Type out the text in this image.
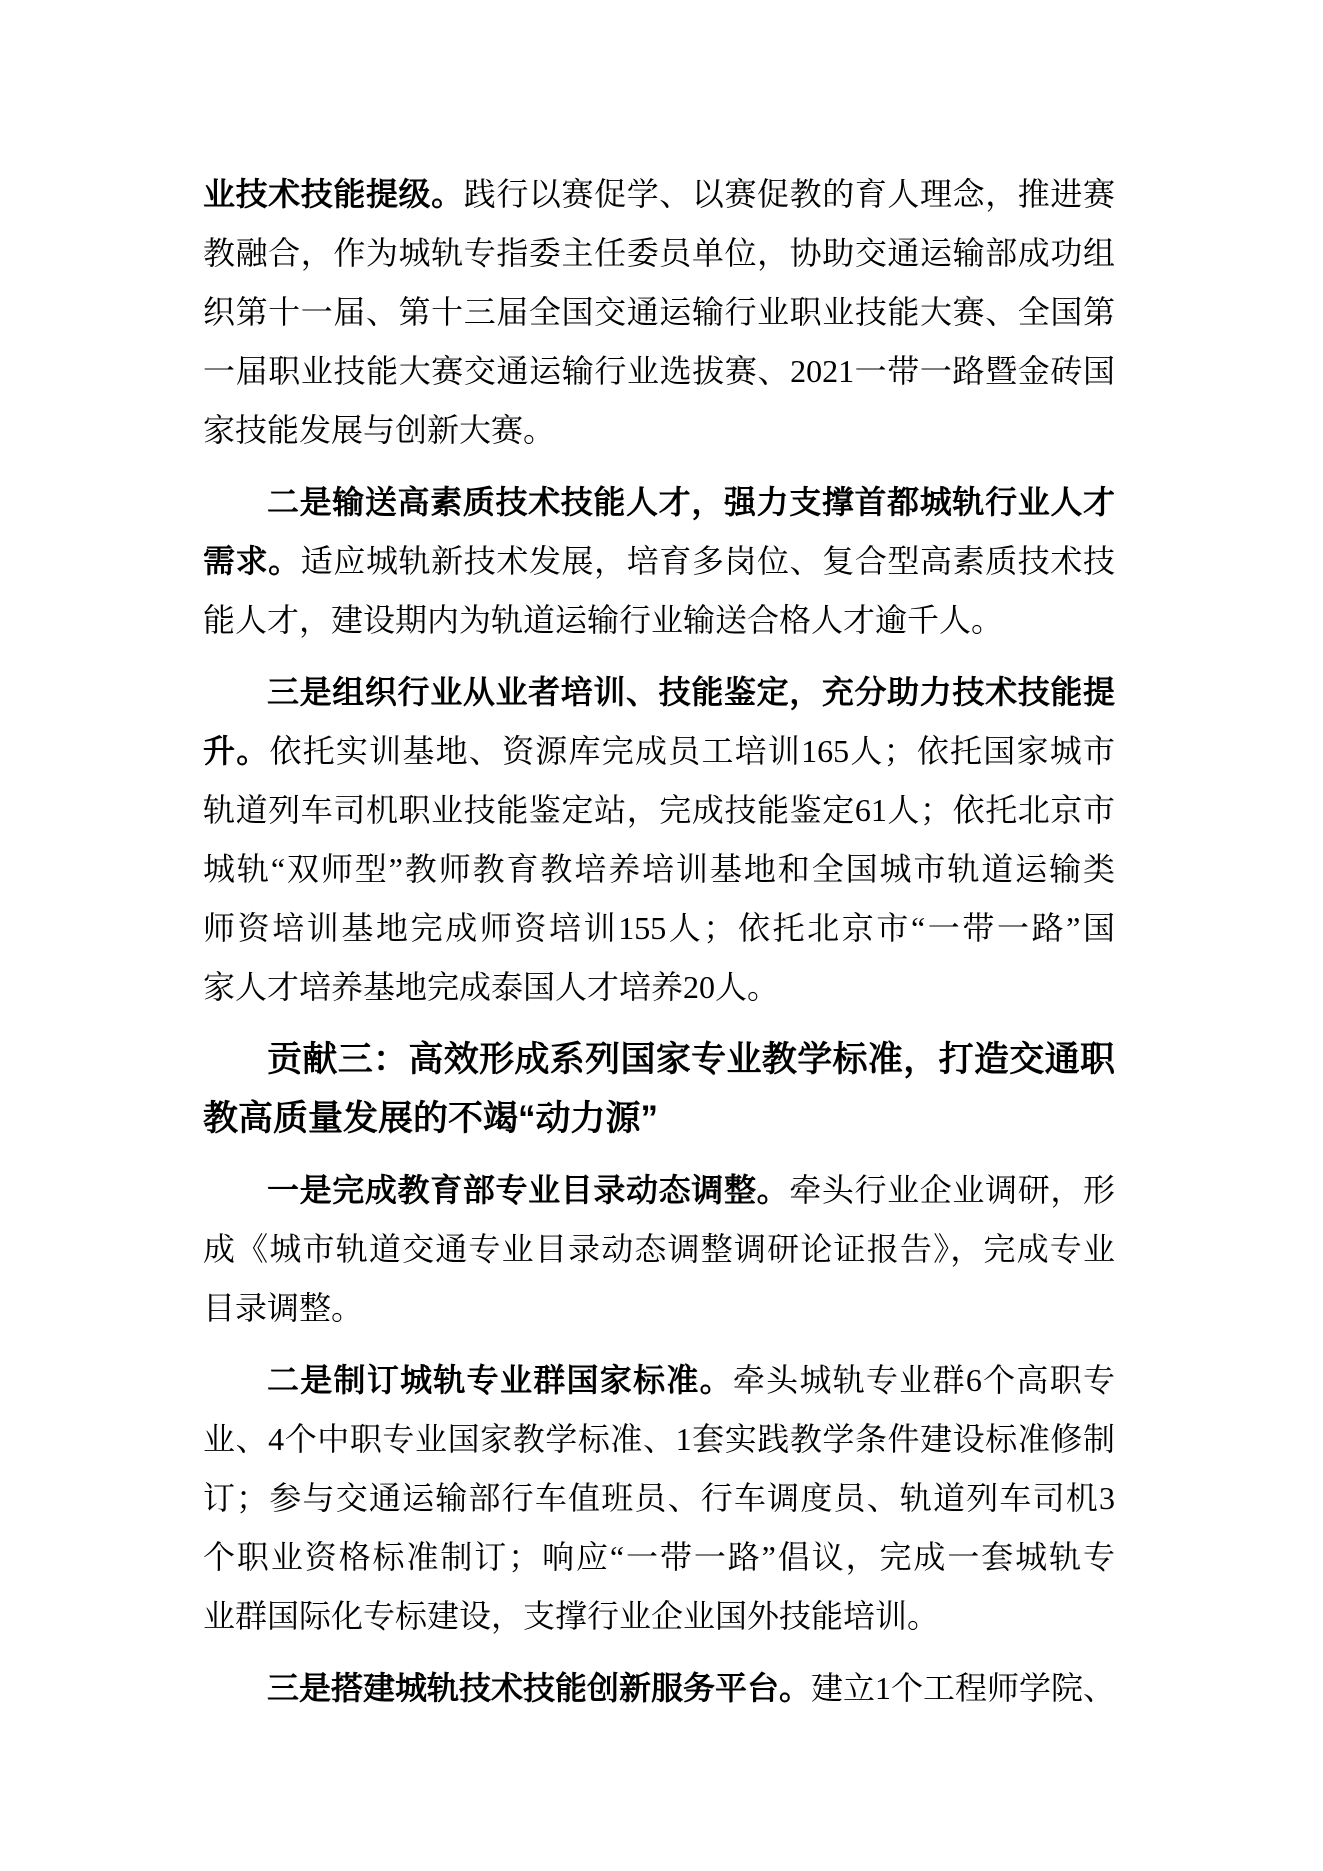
业技术技能提级。践行以赛促学、以赛促教的育人理念，推进赛
教融合，作为城轨专指委主任委员单位，协助交通运输部成功组
织第十一届、第十三届全国交通运输行业职业技能大赛、全国第
一届职业技能大赛交通运输行业选拔赛、2021一带一路暨金砖国
家技能发展与创新大赛。
二是输送高素质技术技能人才，强力支撑首都城轨行业人才
需求。适应城轨新技术发展，培育多岗位、复合型高素质技术技
能人才，建设期内为轨道运输行业输送合格人才逾千人。
三是组织行业从业者培训、技能鉴定，充分助力技术技能提
升。依托实训基地、资源库完成员工培训165人；依托国家城市
轨道列车司机职业技能鉴定站，完成技能鉴定61人；依托北京市
城轨“双师型”教师教育教培养培训基地和全国城市轨道运输类
师资培训基地完成师资培训155人；依托北京市“一带一路”国
家人才培养基地完成泰国人才培养20人。
贡献三：高效形成系列国家专业教学标准，打造交通职
教高质量发展的不竭“动力源”
一是完成教育部专业目录动态调整。牵头行业企业调研，形
成《城市轨道交通专业目录动态调整调研论证报告》，完成专业
目录调整。
二是制订城轨专业群国家标准。牵头城轨专业群6个高职专
业、4个中职专业国家教学标准、1套实践教学条件建设标准修制
订；参与交通运输部行车值班员、行车调度员、轨道列车司机3
个职业资格标准制订；响应“一带一路”倡议，完成一套城轨专
业群国际化专标建设，支撑行业企业国外技能培训。
三是搭建城轨技术技能创新服务平台。建立1个工程师学院、
